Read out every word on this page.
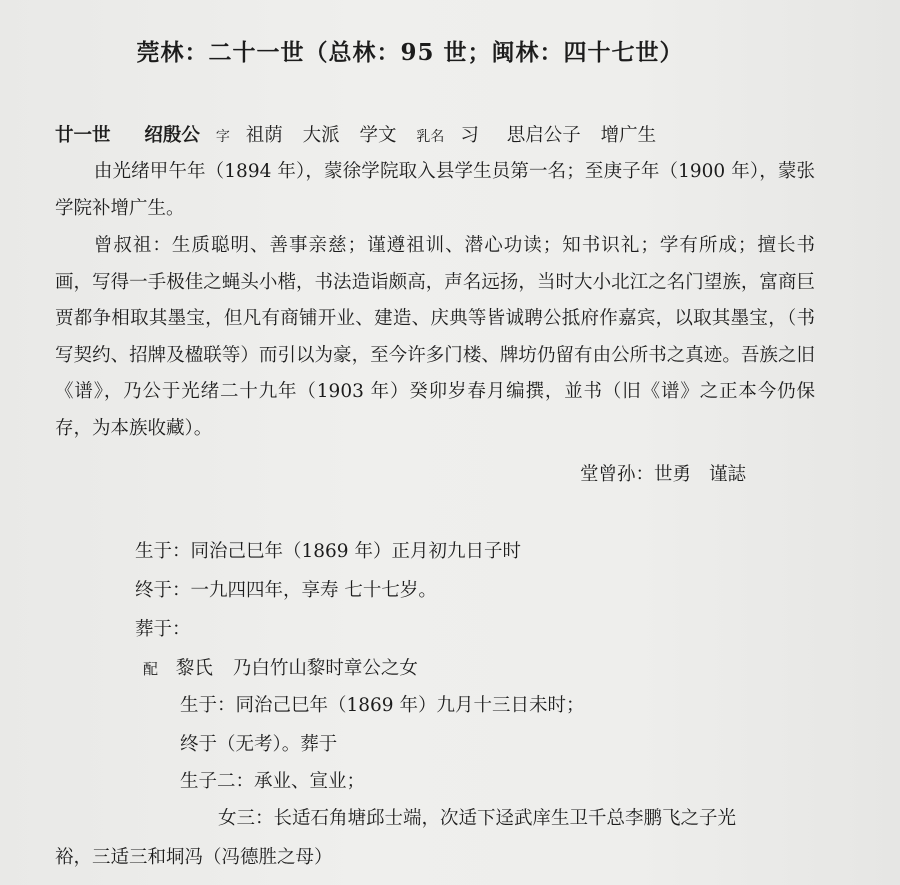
莞林：二十一世（总林：95 世；闽林：四十七世）
廿一世 绍殷公 字 祖荫 大派 学文 乳名 习 思启公子 增广生

由光绪甲午年（1894 年），蒙徐学院取入县学生员第一名；至庚子年（1900 年），蒙张学院补增广生。

曾叔祖：生质聪明、善事亲慈；谨遵祖训、潜心功读；知书识礼；学有所成；擅长书画，写得一手极佳之蝇头小楷，书法造诣颇高，声名远扬，当时大小北江之名门望族，富商巨贾都争相取其墨宝，但凡有商铺开业、建造、庆典等皆诚聘公抵府作嘉宾，以取其墨宝，（书写契约、招牌及楹联等）而引以为豪，至今许多门楼、牌坊仍留有由公所书之真迹。吾族之旧《谱》，乃公于光绪二十九年（1903 年）癸卯岁春月编撰，並书（旧《谱》之正本今仍保存，为本族收藏）。

堂曾孙：世勇 谨誌
生于：同治己巳年（1869 年）正月初九日子时
终于：一九四四年，享寿 七十七岁。
葬于：
配 黎氏 乃白竹山黎时章公之女
生于：同治己巳年（1869 年）九月十三日未时；
终于（无考）。葬于
生子二：承业、宣业；
女三：长适石角塘邱士端，次适下迳武庠生卫千总李鹏飞之子光
裕，三适三和垌冯（冯德胜之母）
